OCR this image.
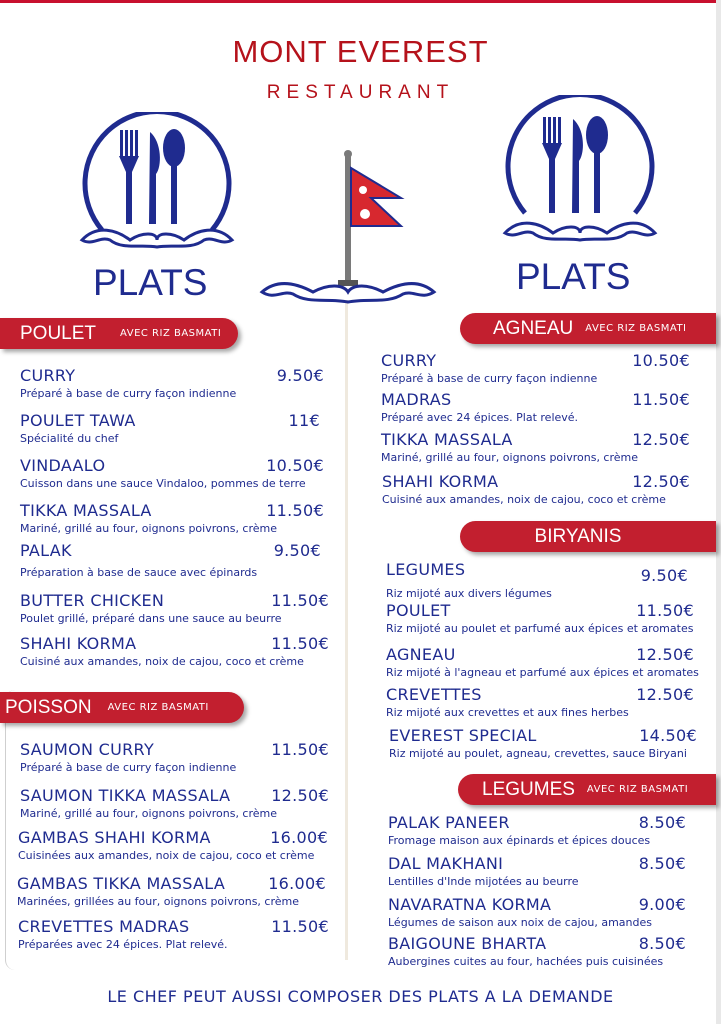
MONT EVEREST
RESTAURANT
PLATS	PLATS
POULET AVEC RIZ BASMATI
CURRY	9.50€
Préparé à base de curry façon indienne
POULET TAWA	11€
Spécialité du chef
VINDAALO	10.50€
Cuisson dans une sauce Vindaloo, pommes de terre
TIKKA MASSALA	11.50€
Mariné, grillé au four, oignons poivrons, crème
PALAK	9.50€
Préparation à base de sauce avec épinards
BUTTER CHICKEN	11.50€
Poulet grillé, préparé dans une sauce au beurre
SHAHI KORMA	11.50€
Cuisiné aux amandes, noix de cajou, coco et crème
POISSON AVEC RIZ BASMATI
SAUMON CURRY	11.50€
Préparé à base de curry façon indienne
SAUMON TIKKA MASSALA	12.50€
Mariné, grillé au four, oignons poivrons, crème
GAMBAS SHAHI KORMA	16.00€
Cuisinées aux amandes, noix de cajou, coco et crème
GAMBAS TIKKA MASSALA	16.00€
Marinées, grillées au four, oignons poivrons, crème
CREVETTES MADRAS	11.50€
Préparées avec 24 épices. Plat relevé.
AGNEAU AVEC RIZ BASMATI
CURRY	10.50€
Préparé à base de curry façon indienne
MADRAS	11.50€
Préparé avec 24 épices. Plat relevé.
TIKKA MASSALA	12.50€
Mariné, grillé au four, oignons poivrons, crème
SHAHI KORMA	12.50€
Cuisiné aux amandes, noix de cajou, coco et crème
BIRYANIS
LEGUMES	9.50€
Riz mijoté aux divers légumes
POULET	11.50€
Riz mijoté au poulet et parfumé aux épices et aromates
AGNEAU	12.50€
Riz mijoté à l'agneau et parfumé aux épices et aromates
CREVETTES	12.50€
Riz mijoté aux crevettes et aux fines herbes
EVEREST SPECIAL	14.50€
Riz mijoté au poulet, agneau, crevettes, sauce Biryani
LEGUMES AVEC RIZ BASMATI
PALAK PANEER	8.50€
Fromage maison aux épinards et épices douces
DAL MAKHANI	8.50€
Lentilles d'Inde mijotées au beurre
NAVARATNA KORMA	9.00€
Légumes de saison aux noix de cajou, amandes
BAIGOUNE BHARTA	8.50€
Aubergines cuites au four, hachées puis cuisinées
LE CHEF PEUT AUSSI COMPOSER DES PLATS A LA DEMANDE
